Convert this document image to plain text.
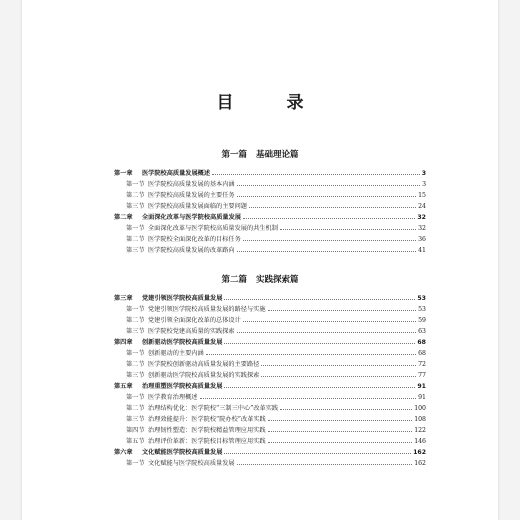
目　录
第一篇 基础理论篇
第一章	医学院校高质量发展概述	3
第一节 医学院校高质量发展的基本内涵	3
第二节 医学院校高质量发展的主要任务	15
第三节 医学院校高质量发展面临的主要问题	24
第二章	全面深化改革与医学院校高质量发展	32
第一节 全面深化改革与医学院校高质量发展的共生机制	32
第二节 医学院校全面深化改革的目标任务	36
第三节 医学院校高质量发展的改革路向	41
第二篇 实践探索篇
第三章	党建引领医学院校高质量发展	53
第一节 党建引领医学院校高质量发展的路径与实施	53
第二节 党建引领全面深化改革的总体设计	59
第三节 医学院校党建高质量的实践探索	63
第四章	创新驱动医学院校高质量发展	68
第一节 创新驱动的主要内涵	68
第二节 医学院校创新驱动高质量发展的主要路径	72
第三节 创新驱动医学院校高质量发展的实践探索	77
第五章	治理重塑医学院校高质量发展	91
第一节 医学教育治理概述	91
第二节 治理结构优化：医学院校“三制三中心”改革实践	100
第三节 治理效能提升：医学院校“院办校”改革实践	108
第四节 治理韧性塑造：医学院校精益管理应用实践	122
第五节 治理评价革新：医学院校目标管理应用实践	146
第六章	文化赋能医学院校高质量发展	162
第一节 文化赋能与医学院校高质量发展	162
